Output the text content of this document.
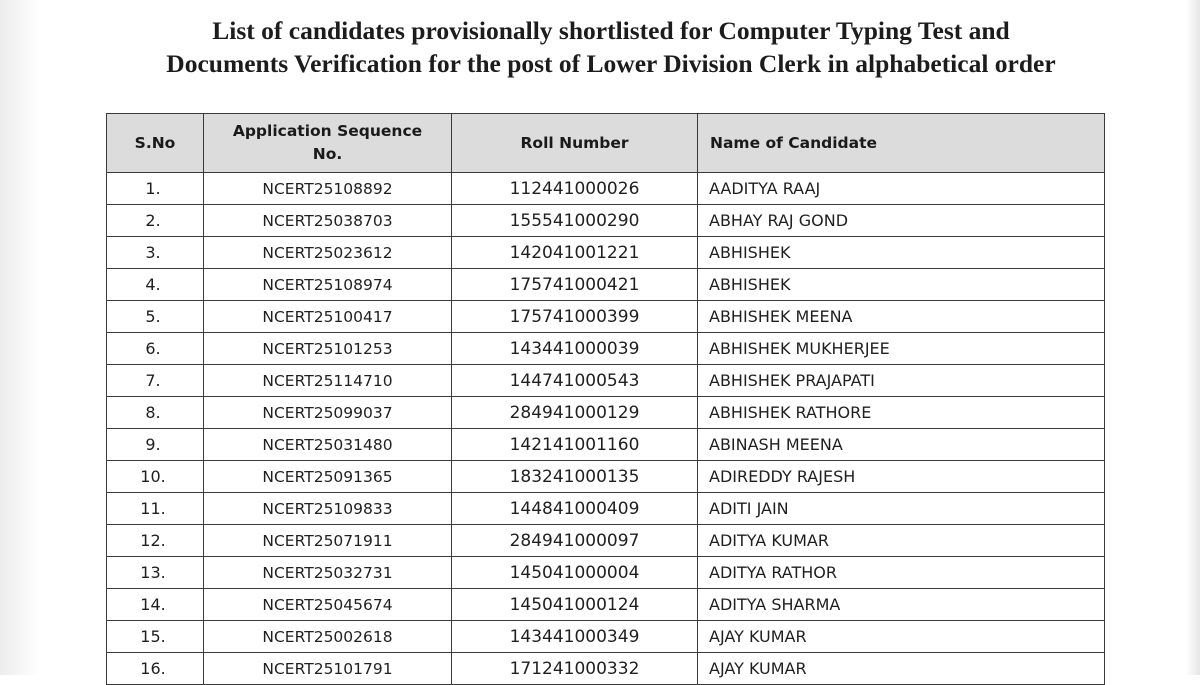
List of candidates provisionally shortlisted for Computer Typing Test and
Documents Verification for the post of Lower Division Clerk in alphabetical order
S.No	Application Sequence No.	Roll Number	Name of Candidate
1.	NCERT25108892	112441000026	AADITYA RAAJ
2.	NCERT25038703	155541000290	ABHAY RAJ GOND
3.	NCERT25023612	142041001221	ABHISHEK
4.	NCERT25108974	175741000421	ABHISHEK
5.	NCERT25100417	175741000399	ABHISHEK MEENA
6.	NCERT25101253	143441000039	ABHISHEK MUKHERJEE
7.	NCERT25114710	144741000543	ABHISHEK PRAJAPATI
8.	NCERT25099037	284941000129	ABHISHEK RATHORE
9.	NCERT25031480	142141001160	ABINASH MEENA
10.	NCERT25091365	183241000135	ADIREDDY RAJESH
11.	NCERT25109833	144841000409	ADITI JAIN
12.	NCERT25071911	284941000097	ADITYA KUMAR
13.	NCERT25032731	145041000004	ADITYA RATHOR
14.	NCERT25045674	145041000124	ADITYA SHARMA
15.	NCERT25002618	143441000349	AJAY KUMAR
16.	NCERT25101791	171241000332	AJAY KUMAR
